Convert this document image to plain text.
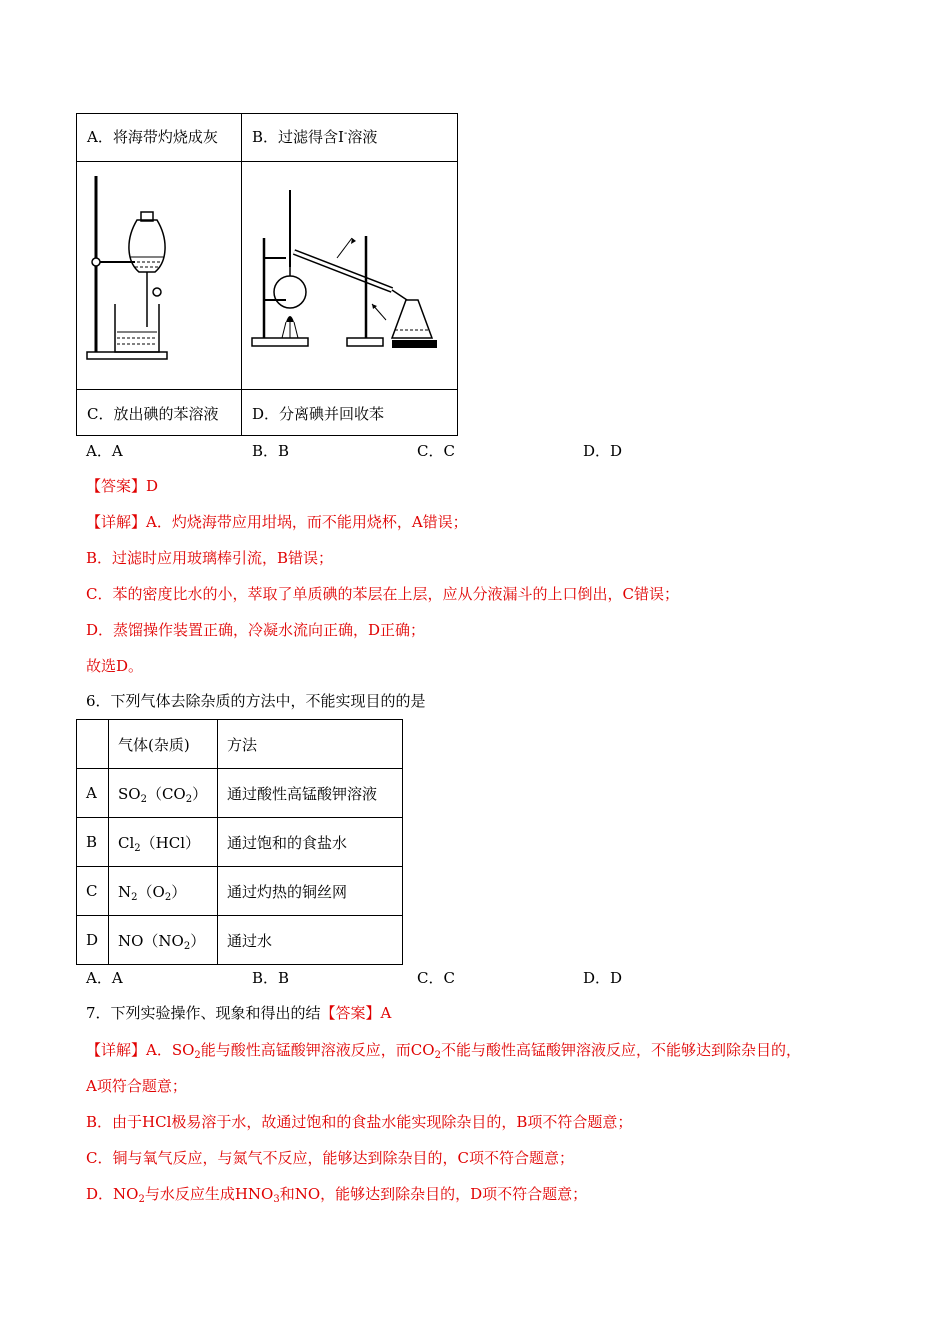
A．将海带灼烧成灰 B．过滤得含I-溶液
C．放出碘的苯溶液 D．分离碘并回收苯
A．A	B．B	C．C	D．D
【答案】D
【详解】A．灼烧海带应用坩埚，而不能用烧杯，A错误；
B．过滤时应用玻璃棒引流，B错误；
C．苯的密度比水的小，萃取了单质碘的苯层在上层，应从分液漏斗的上口倒出，C错误；
D．蒸馏操作装置正确，冷凝水流向正确，D正确；
故选D。
6．下列气体去除杂质的方法中，不能实现目的的是
	气体(杂质)	方法
A	$SO_2(CO_2)$	通过酸性高锰酸钾溶液
B	$Cl_2(HCl)$	通过饱和的食盐水
C	$N_2(O_2)$	通过灼热的铜丝网
D	$NO(NO_2)$	通过水
A．A	B．B	C．C	D．D
7．下列实验操作、现象和得出的结【答案】A
【详解】A．$SO_2$能与酸性高锰酸钾溶液反应，而$CO_2$不能与酸性高锰酸钾溶液反应，不能够达到除杂目的，
A项符合题意；
B．由于HCl极易溶于水，故通过饱和的食盐水能实现除杂目的，B项不符合题意；
C．铜与氧气反应，与氮气不反应，能够达到除杂目的，C项不符合题意；
D．$NO_2$与水反应生成$HNO_3$和NO，能够达到除杂目的，D项不符合题意；
